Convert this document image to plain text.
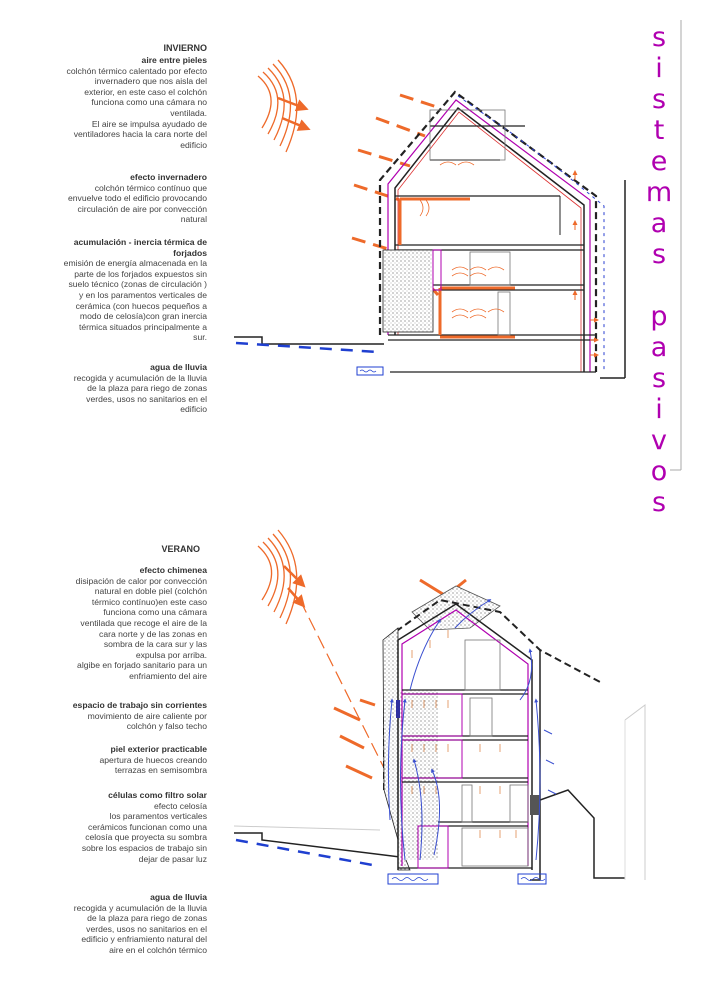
INVIERNO
aire entre pieles
colchón térmico calentado por efecto
invernadero que nos aisla del
exterior, en este caso el colchón
funciona como una cámara no
ventilada.
El aire se impulsa ayudado de
ventiladores hacia la cara norte del
edificio
efecto invernadero
colchón térmico contínuo que
envuelve todo el edificio provocando
circulación de aire por convección
natural
acumulación - inercia térmica de
forjados
emisión de energía almacenada en la
parte de los forjados expuestos sin
suelo técnico (zonas de circulación )
y en los paramentos verticales de
cerámica (con huecos pequeños a
modo de celosía)con gran inercia
térmica situados principalmente a
sur.
agua de lluvia
recogida y acumulación de la lluvia
de la plaza para riego de zonas
verdes, usos no sanitarios en el
edificio
VERANO
efecto chimenea
disipación de calor por convección
natural en doble piel (colchón
térmico contínuo)en este caso
funciona como una cámara
ventilada que recoge el aire de la
cara norte y de las zonas en
sombra de la cara sur y las
expulsa por arriba.
algibe en forjado sanitario para un
enfriamiento del aire
espacio de trabajo sin corrientes
movimiento de aire caliente por
colchón y falso techo
piel exterior practicable
apertura de huecos creando
terrazas en semisombra
células como filtro solar
efecto celosía
los paramentos verticales
cerámicos funcionan como una
celosía que proyecta su sombra
sobre los espacios de trabajo sin
dejar de pasar luz
agua de lluvia
recogida y acumulación de la lluvia
de la plaza para riego de zonas
verdes, usos no sanitarios en el
edificio y enfriamiento natural del
aire en el colchón térmico
s
i
s
t
e
m
a
s
p
a
s
i
v
o
s
